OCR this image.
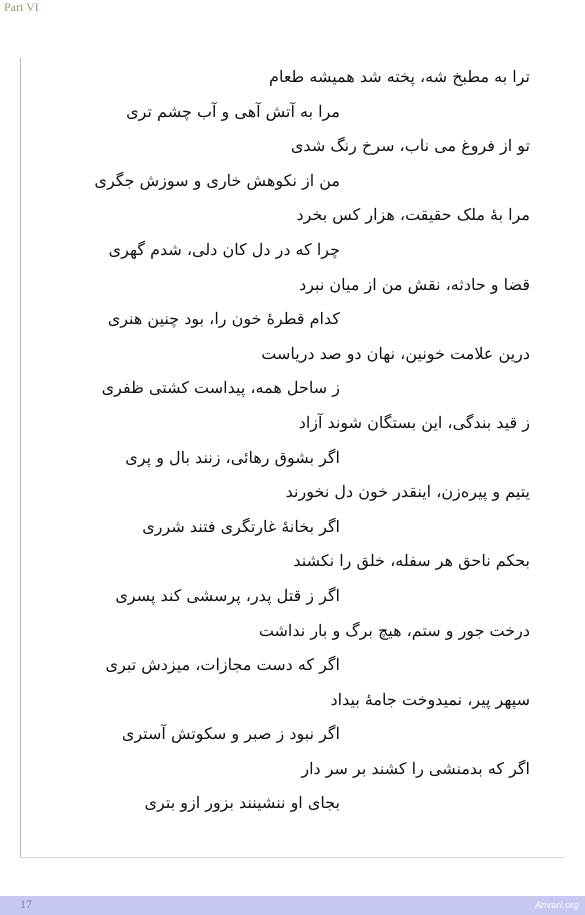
Part VI
ترا به مطبخ شه، پخته شد همیشه طعام
مرا به آتش آهی و آب چشم تری
تو از فروغ می ناب، سرخ رنگ شدی
من از نکوهش خاری و سوزش جگری
مرا بهٔ ملک حقیقت، هزار کس بخرد
چرا که در دل کان دلی، شدم گهری
قضا و حادثه، نقش من از میان نبرد
کدام قطرهٔ خون را، بود چنین هنری
درین علامت خونین، نهان دو صد دریاست
ز ساحل همه، پیداست کشتی ظفری
ز قید بندگی، این بستگان شوند آزاد
اگر بشوق رهائی، زنند بال و پری
یتیم و پیره‌زن، اینقدر خون دل نخورند
اگر بخانهٔ غارتگری فتند شرری
بحکم ناحق هر سفله، خلق را نکشند
اگر ز قتل پدر، پرسشی کند پسری
درخت جور و ستم، هیچ برگ و بار نداشت
اگر که دست مجازات، میزدش تبری
سپهر پیر، نمیدوخت جامهٔ بیداد
اگر نبود ز صبر و سکوتش آستری
اگر که بدمنشی را کشند بر سر دار
بجای او ننشینند بزور ازو بتری
17	Anvari.org
